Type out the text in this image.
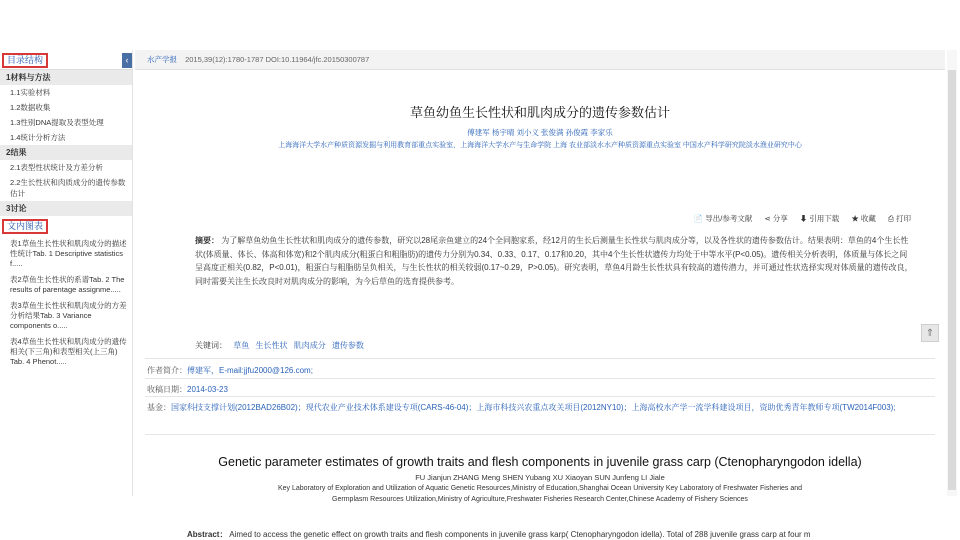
目录结构	‹
1材料与方法
1.1实验材料
1.2数据收集
1.3性别DNA提取及表型处理
1.4统计分析方法
2结果
2.1表型性状统计及方差分析
2.2生长性状和肉质成分的遗传参数估计
3讨论
文内图表
表1草鱼生长性状和肌肉成分的描述性统计Tab. 1 Descriptive statistics f.....
表2草鱼生长性状的系谱Tab. 2 The results of parentage assignme.....
表3草鱼生长性状和肌肉成分的方差分析结果Tab. 3 Variance components o.....
表4草鱼生长性状和肌肉成分的遗传相关(下三角)和表型相关(上三角) Tab. 4 Phenot.....
水产学报 2015,39(12):1780-1787 DOI:10.11964/jfc.20150300787
草鱼幼鱼生长性状和肌肉成分的遗传参数估计
傅建军 杨宇晴 刘小义 张俊满 孙俊霞 李家乐
上海海洋大学水产种质资源发掘与利用教育部重点实验室，上海海洋大学水产与生命学院 上海 农业部淡水水产种质资源重点实验室 中国水产科学研究院淡水渔业研究中心
📄 导出/参考文献 ⋖ 分享 ⬇ 引用下载 ★ 收藏 ⎙ 打印
摘要： 为了解草鱼幼鱼生长性状和肌肉成分的遗传参数，研究以28尾亲鱼建立的24个全同胞家系，经12月的生长后测量生长性状与肌肉成分等，以及各性状的遗传参数估计。结果表明：草鱼的4个生长性状(体质量、体长、体高和体宽)和2个肌肉成分(粗蛋白和粗脂肪)的遗传力分别为0.34、0.33、0.17、0.17和0.20，其中4个生长性状遗传力均处于中等水平(P<0.05)。遗传相关分析表明，体质量与体长之间呈高度正相关(0.82，P<0.01)，粗蛋白与粗脂肪呈负相关，与生长性状的相关较弱(0.17~0.29，P>0.05)。研究表明，草鱼4月龄生长性状具有较高的遗传潜力，并可通过性状选择实现对体质量的遗传改良，同时需要关注生长改良时对肌肉成分的影响，为今后草鱼的选育提供参考。
关键词： 草鱼 生长性状 肌肉成分 遗传参数
⇑
作者简介：傅建军，E-mail:jjfu2000@126.com;
收稿日期：2014-03-23
基金：国家科技支撑计划(2012BAD26B02)；现代农业产业技术体系建设专项(CARS-46-04)；上海市科技兴农重点攻关项目(2012NY10)；上海高校水产学一流学科建设项目，资助优秀青年教师专项(TW2014F003);
Genetic parameter estimates of growth traits and flesh components in juvenile grass carp (Ctenopharyngodon idella)
FU Jianjun ZHANG Meng SHEN Yubang XU Xiaoyan SUN Junfeng LI Jiale
Key Laboratory of Exploration and Utilization of Aquatic Genetic Resources,Ministry of Education,Shanghai Ocean University Key Laboratory of Freshwater Fisheries and Germplasm Resources Utilization,Ministry of Agriculture,Freshwater Fisheries Research Center,Chinese Academy of Fishery Sciences
Abstract： Aimed to access the genetic effect on growth traits and flesh components in juvenile grass karp( Ctenopharyngodon idella). Total of 288 juvenile grass carp at four m
